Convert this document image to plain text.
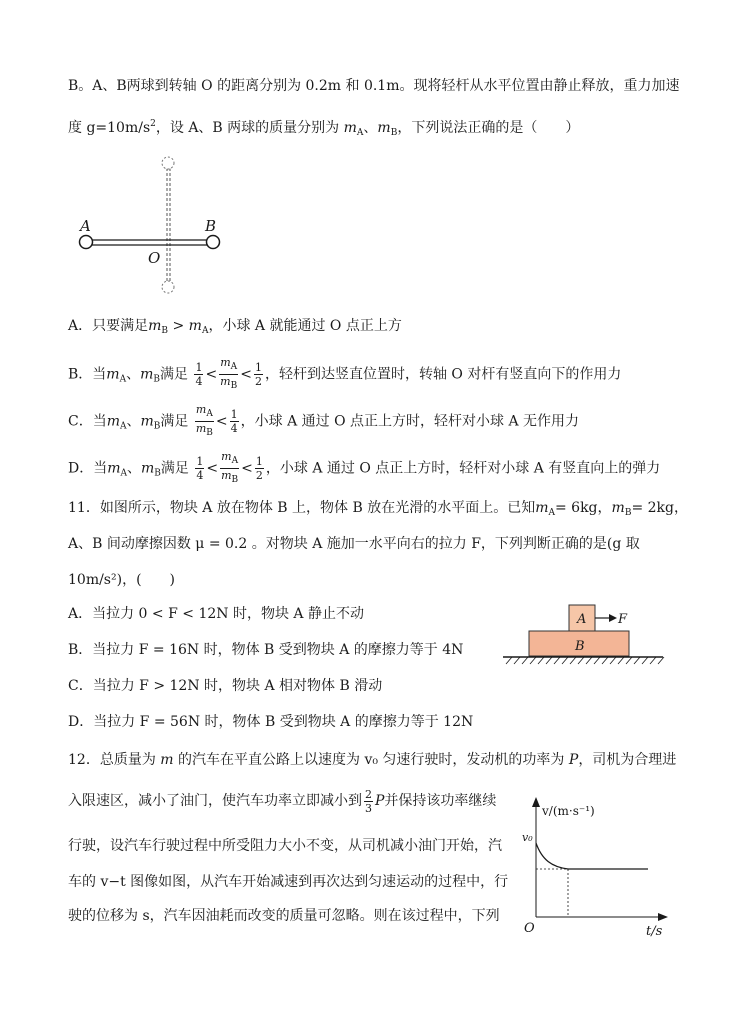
B。A、B两球到转轴 O 的距离分别为 0.2m 和 0.1m。现将轻杆从水平位置由静止释放，重力加速
度 $g=10m/s^2$，设 A、B 两球的质量分别为 $m_A$、$m_B$，下列说法正确的是（　　）
A	B
O
A．只要满足$m_B > m_A$，小球 A 就能通过 O 点正上方
B．当$m_A$、$m_B$满足 $\frac{1}{4} < \frac{m_A}{m_B} < \frac{1}{2}$ ，轻杆到达竖直位置时，转轴 O 对杆有竖直向下的作用力
C．当$m_A$、$m_B$满足 $\frac{m_A}{m_B} < \frac{1}{4}$ ，小球 A 通过 O 点正上方时，轻杆对小球 A 无作用力
D．当$m_A$、$m_B$满足 $\frac{1}{4} < \frac{m_A}{m_B} < \frac{1}{2}$ ，小球 A 通过 O 点正上方时，轻杆对小球 A 有竖直向上的弹力
11．如图所示，物块 A 放在物体 B 上，物体 B 放在光滑的水平面上。已知$m_A= 6kg$，$m_B= 2kg$，
A、B 间动摩擦因数 μ = 0.2 。对物块 A 施加一水平向右的拉力 F，下列判断正确的是(g 取
10m/s²)，(　　)
A．当拉力 0 < F < 12N 时，物块 A 静止不动
B．当拉力 F = 16N 时，物体 B 受到物块 A 的摩擦力等于 4N
C．当拉力 F > 12N 时，物块 A 相对物体 B 滑动
D．当拉力 F = 56N 时，物体 B 受到物块 A 的摩擦力等于 12N
A
B
F
12．总质量为 m 的汽车在平直公路上以速度为 v₀ 匀速行驶时，发动机的功率为 P，司机为合理进
入限速区，减小了油门，使汽车功率立即减小到 $\frac{2}{3}$ P并保持该功率继续
行驶，设汽车行驶过程中所受阻力大小不变，从司机减小油门开始，汽
车的 v−t 图像如图，从汽车开始减速到再次达到匀速运动的过程中，行
驶的位移为 s，汽车因油耗而改变的质量可忽略。则在该过程中，下列
v/(m·s⁻¹)
v₀
O	t/s
